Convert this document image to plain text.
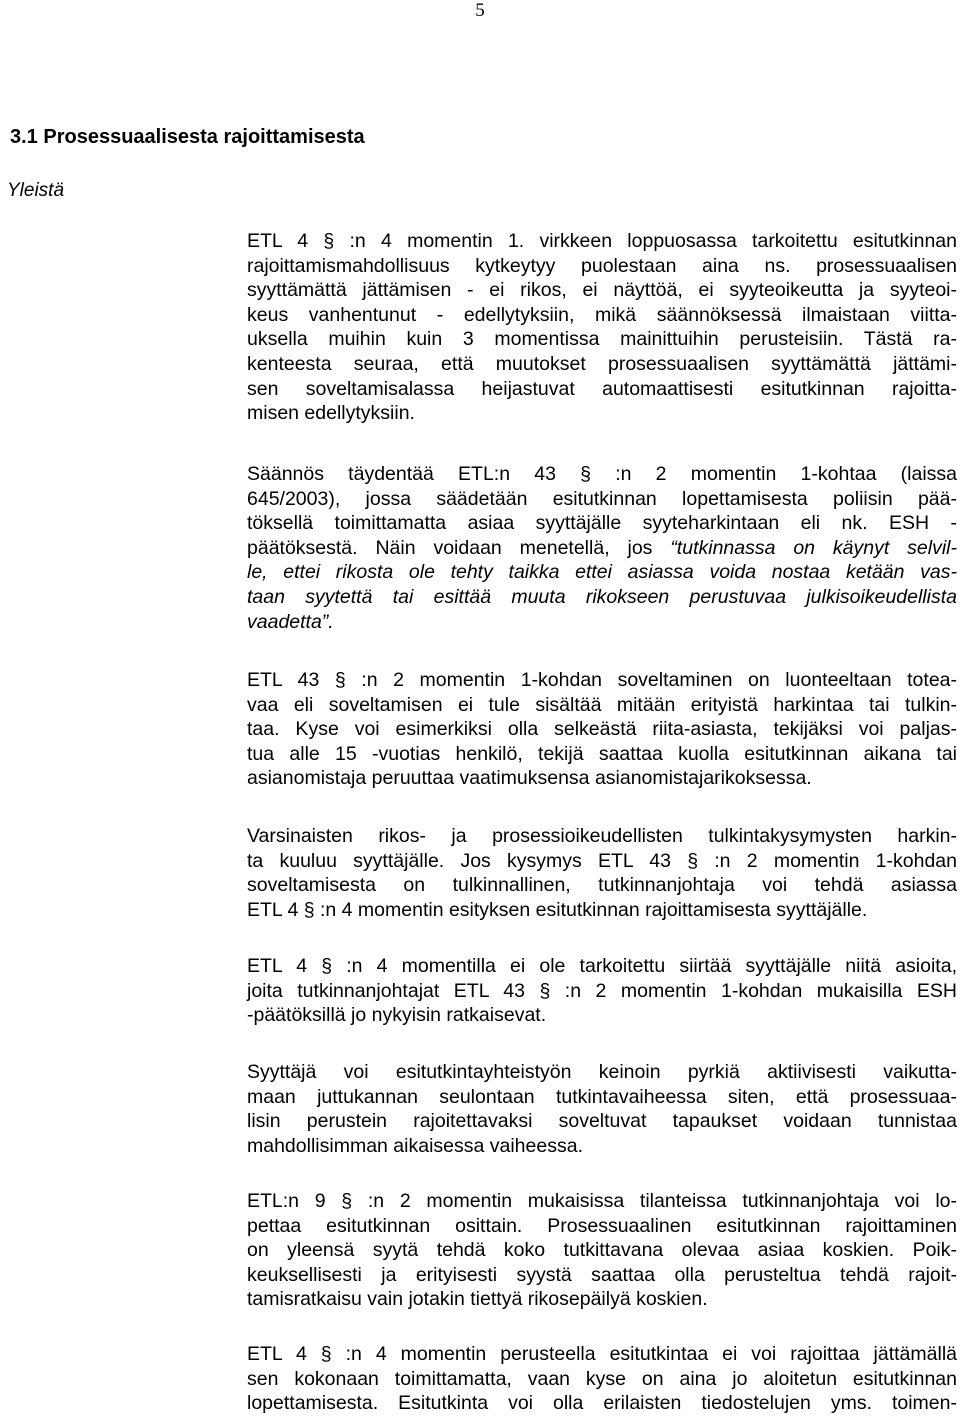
5
3.1 Prosessuaalisesta rajoittamisesta
Yleistä
ETL 4 § :n 4 momentin 1. virkkeen loppuosassa tarkoitettu esitutkinnan
rajoittamismahdollisuus kytkeytyy puolestaan aina ns. prosessuaalisen
syyttämättä jättämisen - ei rikos, ei näyttöä, ei syyteoikeutta ja syyteoi-
keus vanhentunut - edellytyksiin, mikä säännöksessä ilmaistaan viitta-
uksella muihin kuin 3 momentissa mainittuihin perusteisiin. Tästä ra-
kenteesta seuraa, että muutokset prosessuaalisen syyttämättä jättämi-
sen soveltamisalassa heijastuvat automaattisesti esitutkinnan rajoitta-
misen edellytyksiin.
Säännös täydentää ETL:n 43 § :n 2 momentin 1-kohtaa (laissa
645/2003), jossa säädetään esitutkinnan lopettamisesta poliisin pää-
töksellä toimittamatta asiaa syyttäjälle syyteharkintaan eli nk. ESH -
päätöksestä. Näin voidaan menetellä, jos “tutkinnassa on käynyt selvil-
le, ettei rikosta ole tehty taikka ettei asiassa voida nostaa ketään vas-
taan syytettä tai esittää muuta rikokseen perustuvaa julkisoikeudellista
vaadetta”.
ETL 43 § :n 2 momentin 1-kohdan soveltaminen on luonteeltaan totea-
vaa eli soveltamisen ei tule sisältää mitään erityistä harkintaa tai tulkin-
taa. Kyse voi esimerkiksi olla selkeästä riita-asiasta, tekijäksi voi paljas-
tua alle 15 -vuotias henkilö, tekijä saattaa kuolla esitutkinnan aikana tai
asianomistaja peruuttaa vaatimuksensa asianomistajarikoksessa.
Varsinaisten rikos- ja prosessioikeudellisten tulkintakysymysten harkin-
ta kuuluu syyttäjälle. Jos kysymys ETL 43 § :n 2 momentin 1-kohdan
soveltamisesta on tulkinnallinen, tutkinnanjohtaja voi tehdä asiassa
ETL 4 § :n 4 momentin esityksen esitutkinnan rajoittamisesta syyttäjälle.
ETL 4 § :n 4 momentilla ei ole tarkoitettu siirtää syyttäjälle niitä asioita,
joita tutkinnanjohtajat ETL 43 § :n 2 momentin 1-kohdan mukaisilla ESH
-päätöksillä jo nykyisin ratkaisevat.
Syyttäjä voi esitutkintayhteistyön keinoin pyrkiä aktiivisesti vaikutta-
maan juttukannan seulontaan tutkintavaiheessa siten, että prosessuaa-
lisin perustein rajoitettavaksi soveltuvat tapaukset voidaan tunnistaa
mahdollisimman aikaisessa vaiheessa.
ETL:n 9 § :n 2 momentin mukaisissa tilanteissa tutkinnanjohtaja voi lo-
pettaa esitutkinnan osittain. Prosessuaalinen esitutkinnan rajoittaminen
on yleensä syytä tehdä koko tutkittavana olevaa asiaa koskien. Poik-
keuksellisesti ja erityisesti syystä saattaa olla perusteltua tehdä rajoit-
tamisratkaisu vain jotakin tiettyä rikosepäilyä koskien.
ETL 4 § :n 4 momentin perusteella esitutkintaa ei voi rajoittaa jättämällä
sen kokonaan toimittamatta, vaan kyse on aina jo aloitetun esitutkinnan
lopettamisesta. Esitutkinta voi olla erilaisten tiedostelujen yms. toimen-
